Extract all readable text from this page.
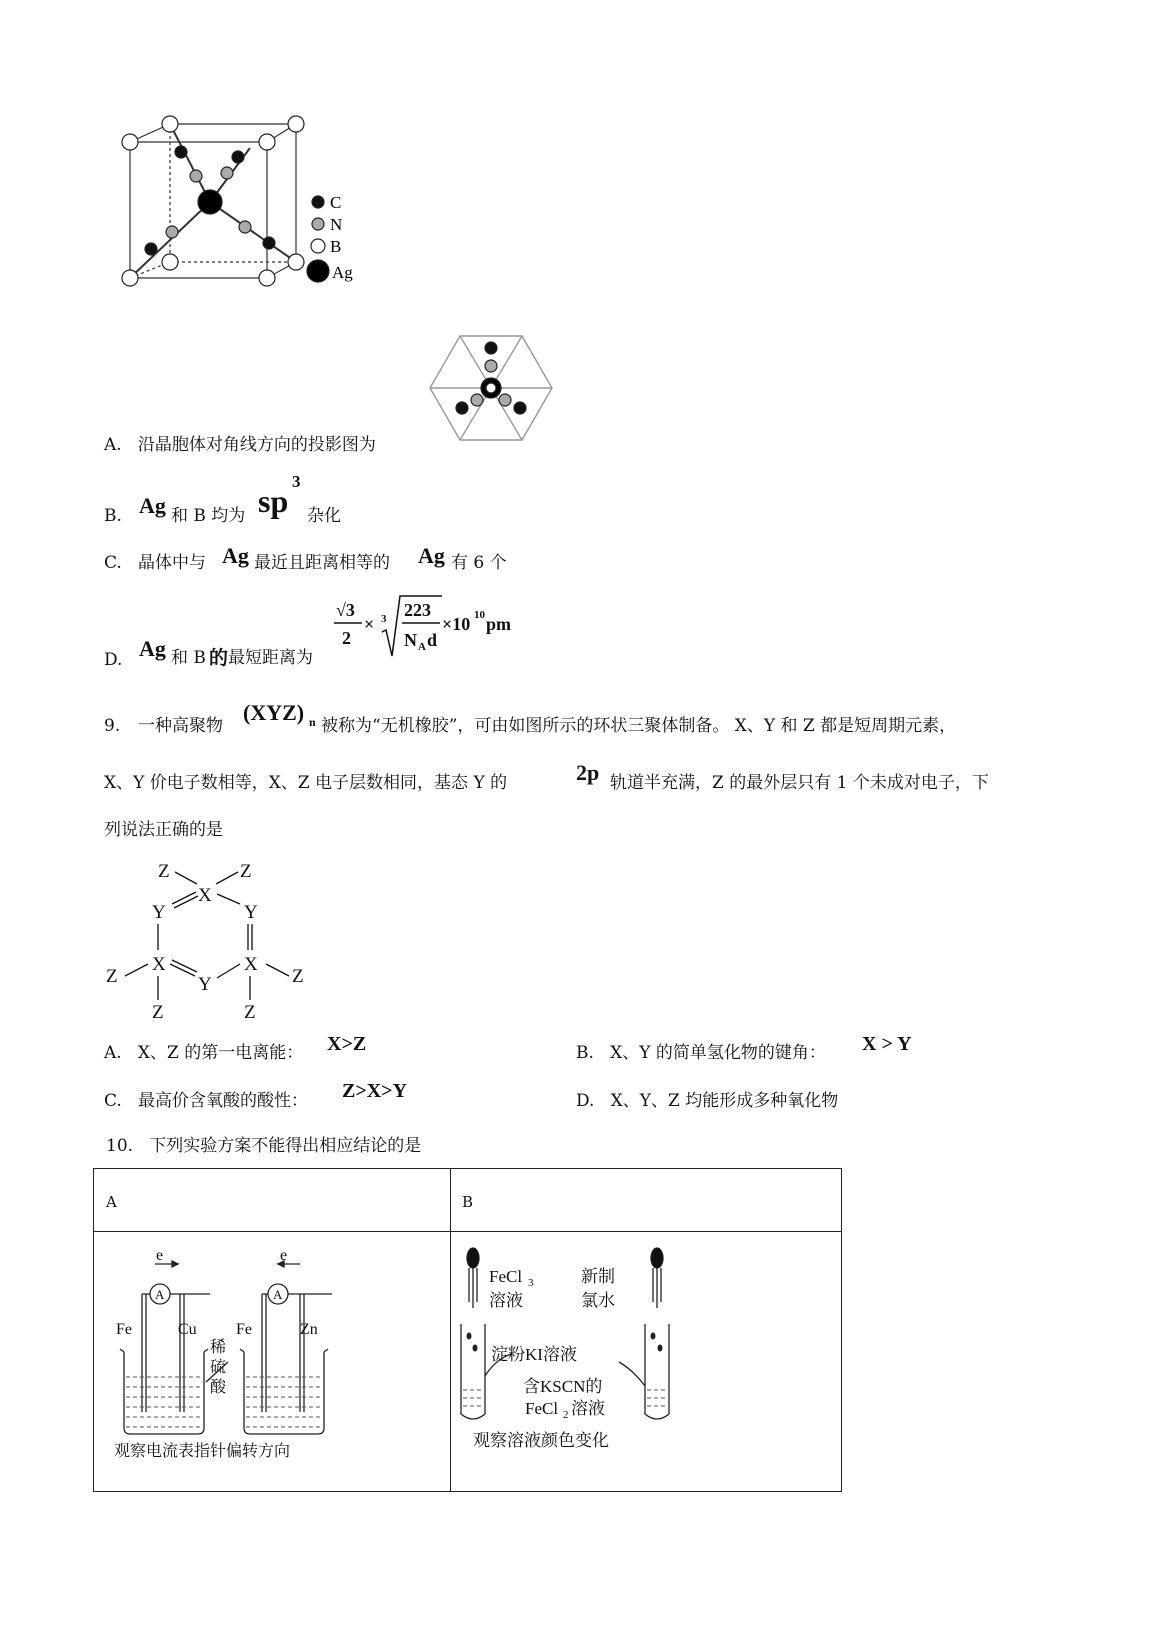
C
N
B
Ag
A. 沿晶胞体对角线方向的投影图为
B. Ag 和 B 均为 sp
3
杂化
C. 晶体中与 Ag 最近且距离相等的 Ag 有 6 个
D. Ag 和 B 的 最短距离为
√3
2
× 3 223
N A d
×10 10 pm
9. 一种高聚物
(XYZ) n 被称为“无机橡胶”，可由如图所示的环状三聚体制备。 X、Y 和 Z 都是短周期元素，
X、Y 价电子数相等，X、Z 电子层数相同，基态 Y 的	2p 轨道半充满，Z 的最外层只有 1 个未成对电子，下
列说法正确的是
Z	Z
X
Y	Y
X	X
Y
Z	Z
Z	Z
A. X、Z 的第一电离能： X>Z	B. X、Y 的简单氢化物的键角： X > Y
C. 最高价含氧酸的酸性： Z>X>Y	D. X、Y、Z 均能形成多种氧化物
10. 下列实验方案不能得出相应结论的是
A	B
e
A
Fe	Cu
e
A
Fe	Zn
稀
硫
酸
观察电流表指针偏转方向
FeCl 3
溶液
新制
氯水
淀粉KI溶液
含KSCN的
FeCl 2 溶液
观察溶液颜色变化
